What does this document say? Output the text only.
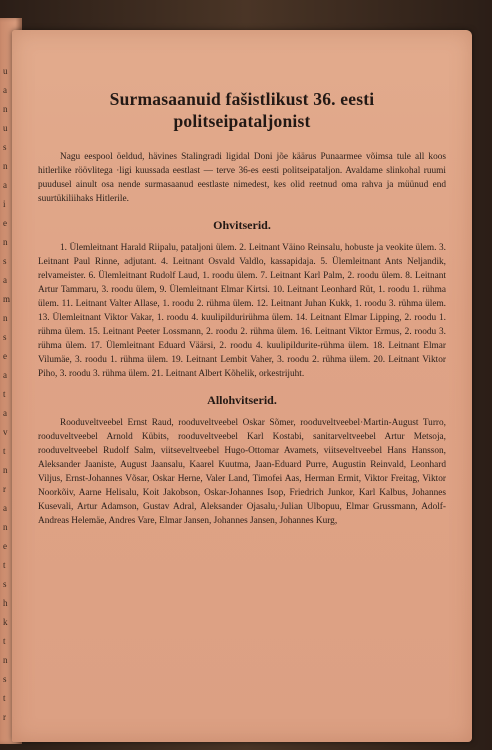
u
a
n
u
s
n
a
i
e
n
s
a
m
n
s
e
a
t
a
v
t
n
r
a
n
e
t
s
h
k
t
n
s
t
r
Surmasaanuid fašistlikust 36. eesti
politseipataljonist

Nagu eespool öeldud, hävines Stalingradi ligidal Doni jõe käärus Punaarmee võimsa tule all koos hitlerlike röövlitega ·ligi kuussada eestlast — terve 36-es eesti politseipataljon. Avaldame slinkohal ruumi puudusel ainult osa nende surmasaanud eestlaste nimedest, kes olid reetnud oma rahva ja müünud end suurtükiliihaks Hitlerile.

Ohvitserid.

1. Ülemleitnant Harald Riipalu, pataljoni ülem. 2. Leitnant Väino Reinsalu, hobuste ja veokite ülem. 3. Leitnant Paul Rinne, adjutant. 4. Leitnant Osvald Valdlo, kassapidaja. 5. Ülemleitnant Ants Neljandik, relvameister. 6. Ülemleitnant Rudolf Laud, 1. roodu ülem. 7. Leitnant Karl Palm, 2. roodu ülem. 8. Leitnant Artur Tammaru, 3. roodu ülem, 9. Ülemleitnant Elmar Kirtsi. 10. Leitnant Leonhard Rüt, 1. roodu 1. rühma ülem. 11. Leitnant Valter Allase, 1. roodu 2. rühma ülem. 12. Leitnant Juhan Kukk, 1. roodu 3. rühma ülem. 13. Ülemleitnant Viktor Vakar, 1. roodu 4. kuulipildurirühma ülem. 14. Leitnant Elmar Lipping, 2. roodu 1. rühma ülem. 15. Leitnant Peeter Lossmann, 2. roodu 2. rühma ülem. 16. Leitnant Viktor Ermus, 2. roodu 3. rühma ülem. 17. Ülemleitnant Eduard Väärsi, 2. roodu 4. kuulipildurite-rühma ülem. 18. Leitnant Elmar Vilumäe, 3. roodu 1. rühma ülem. 19. Leitnant Lembit Vaher, 3. roodu 2. rühma ülem. 20. Leitnant Viktor Piho, 3. roodu 3. rühma ülem. 21. Leitnant Albert Kõhelik, orkestrijuht.

Allohvitserid.

Rooduveltveebel Ernst Raud, rooduveltveebel Oskar Sõmer, rooduveltveebel·Martin-August Turro, rooduveltveebel Arnold Kübits, rooduveltveebel Karl Kostabi, sanitarveltveebel Artur Metsoja, rooduveltveebel Rudolf Salm, viitseveltveebel Hugo-Ottomar Avamets, viitseveltveebel Hans Hansson, Aleksander Jaaniste, August Jaansalu, Kaarel Kuutma, Jaan-Eduard Purre, Augustin Reinvald, Leonhard Viljus, Ernst-Johannes Võsar, Oskar Herne, Valer Land, Timofei Aas, Herman Ermit, Viktor Freitag, Viktor Noorkõiv, Aarne Helisalu, Koit Jakobson, Oskar-Johannes Isop, Friedrich Junkor, Karl Kalbus, Johannes Kusevali, Artur Adamson, Gustav Adral, Aleksander Ojasalu,·Julian Ulbopuu, Elmar Grussmann, Adolf-Andreas Helemäe, Andres Vare, Elmar Jansen, Johannes Jansen, Johannes Kurg,
